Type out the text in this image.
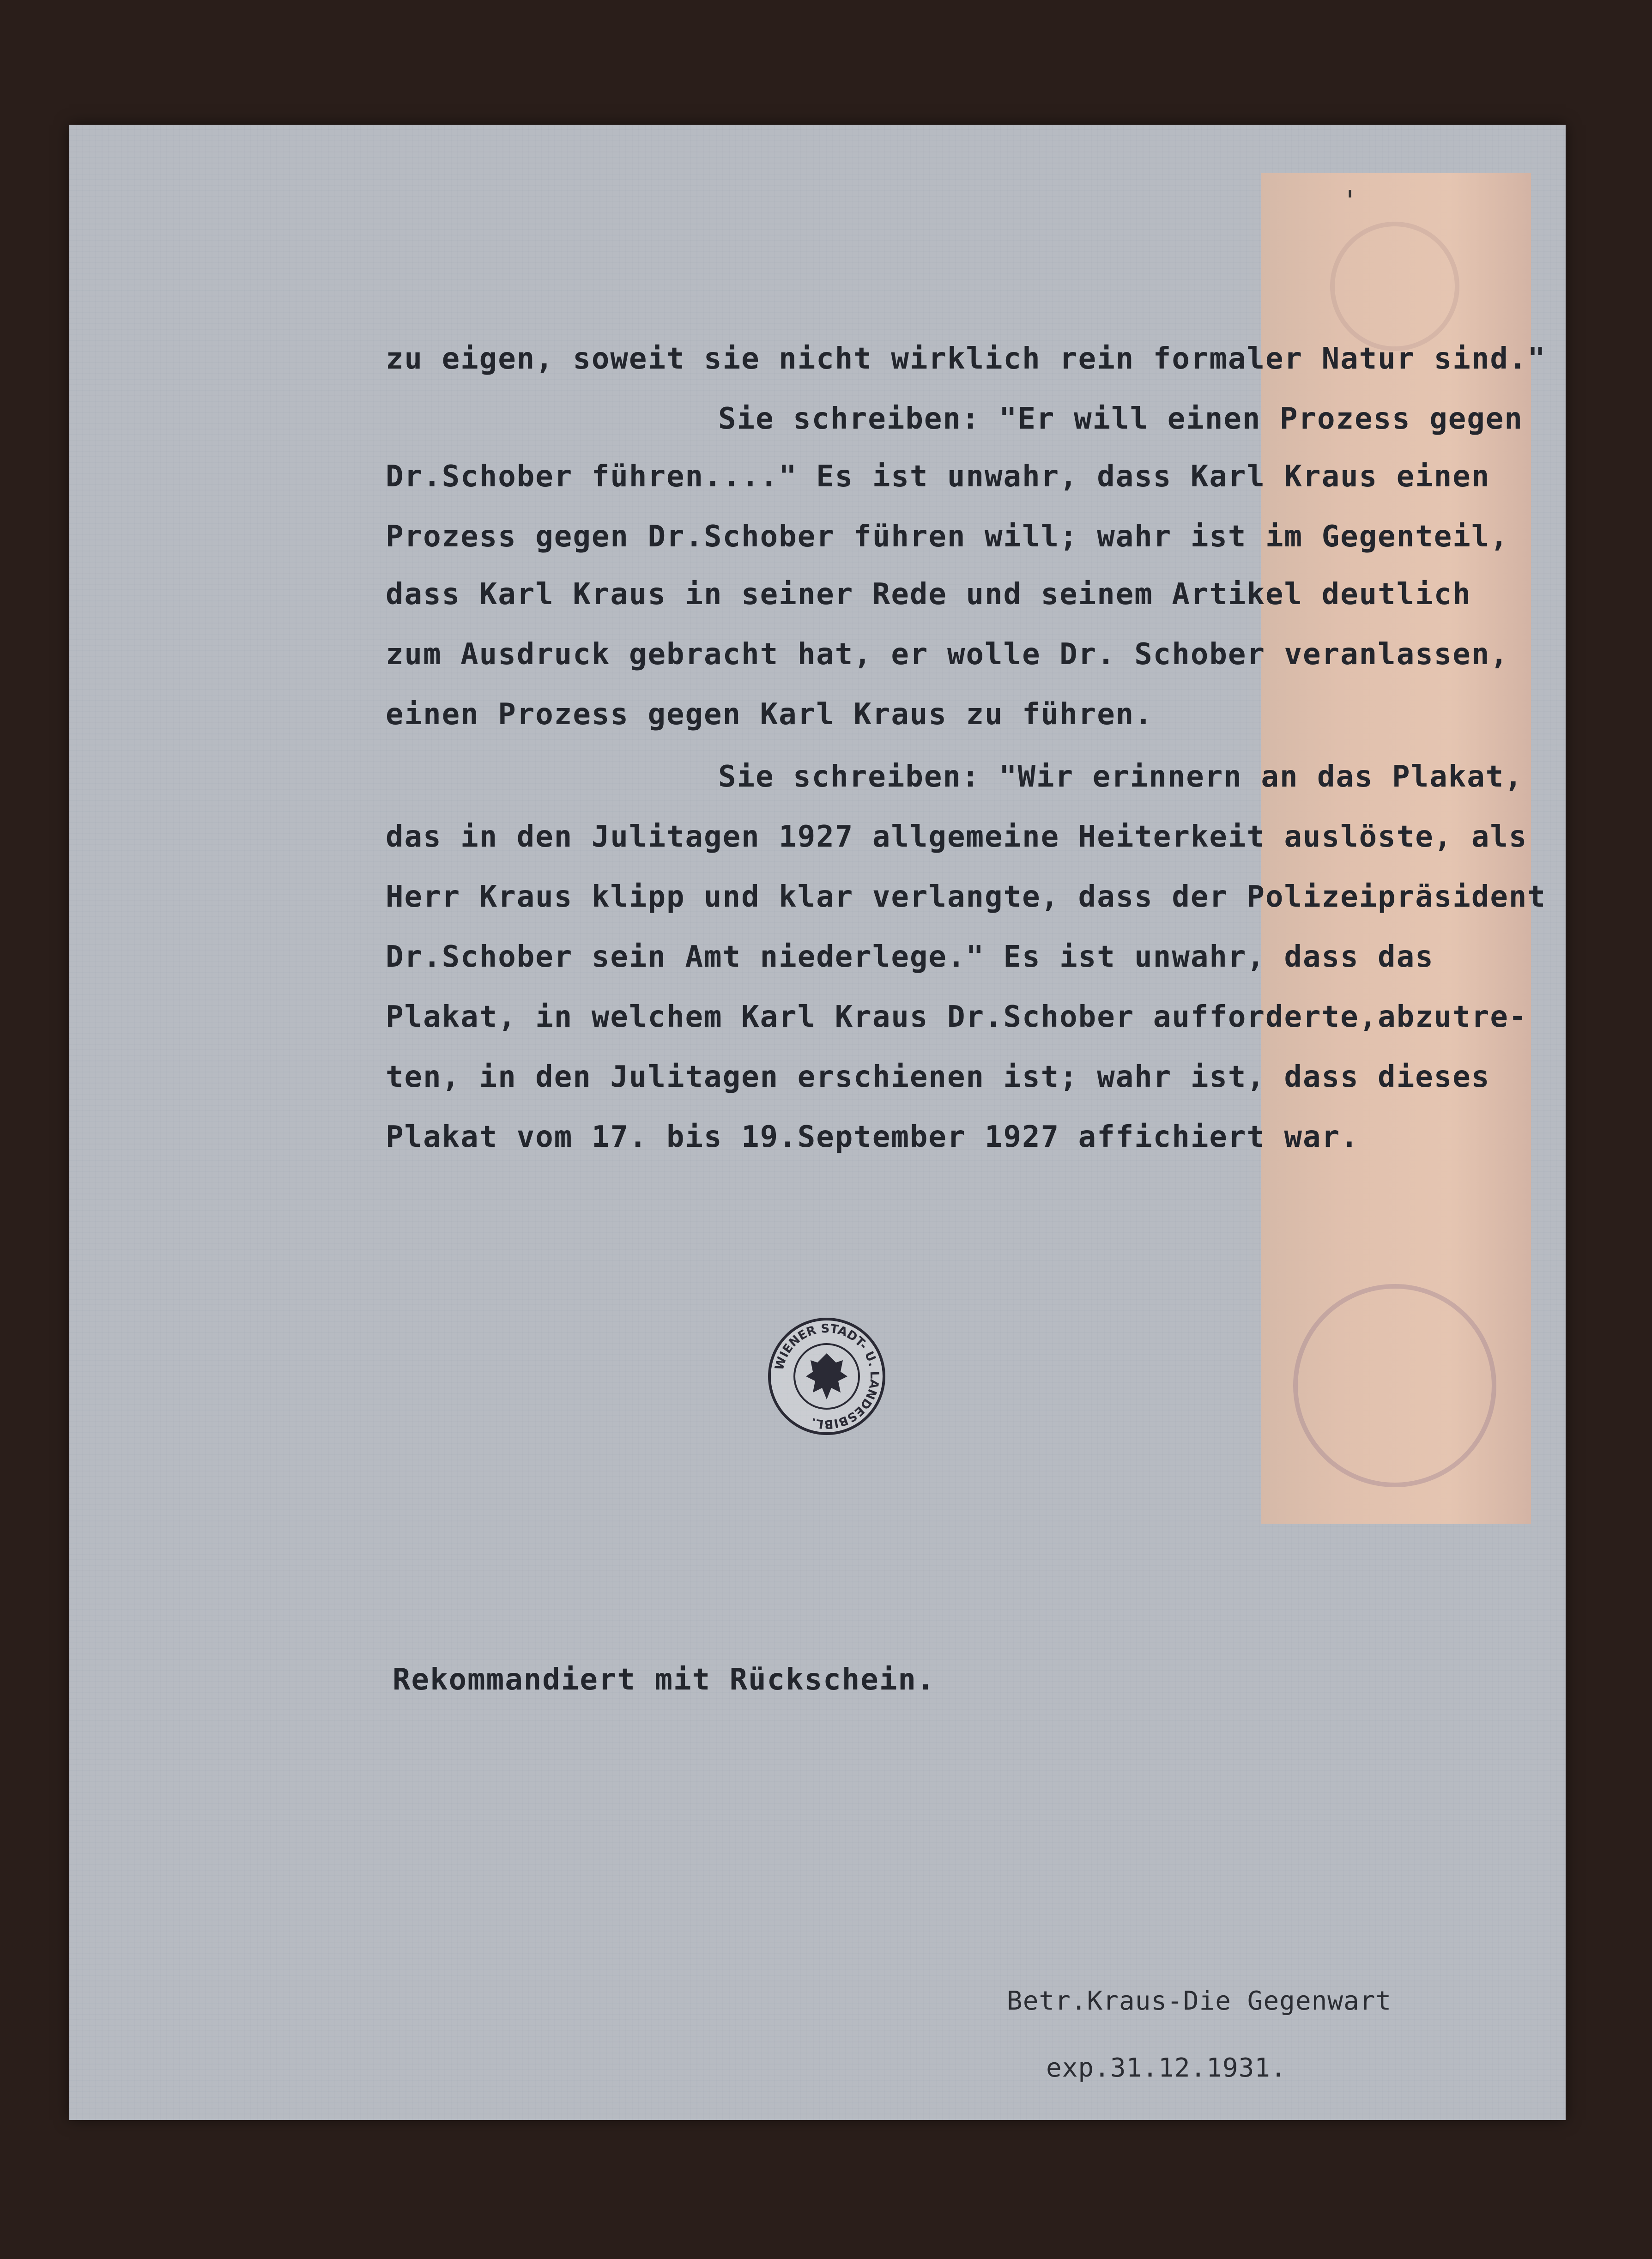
'
zu eigen, soweit sie nicht wirklich rein formaler Natur sind."
Sie schreiben: "Er will einen Prozess gegen
Dr.Schober führen...." Es ist unwahr, dass Karl Kraus einen
Prozess gegen Dr.Schober führen will; wahr ist im Gegenteil,
dass Karl Kraus in seiner Rede und seinem Artikel deutlich
zum Ausdruck gebracht hat, er wolle Dr. Schober veranlassen,
einen Prozess gegen Karl Kraus zu führen.
Sie schreiben: "Wir erinnern an das Plakat,
das in den Julitagen 1927 allgemeine Heiterkeit auslöste, als
Herr Kraus klipp und klar verlangte, dass der Polizeipräsident
Dr.Schober sein Amt niederlege." Es ist unwahr, dass das
Plakat, in welchem Karl Kraus Dr.Schober aufforderte,abzutre-
ten, in den Julitagen erschienen ist; wahr ist, dass dieses
Plakat vom 17. bis 19.September 1927 affichiert war.
WIENER STADT- U. LANDESBIBL.
Rekommandiert mit Rückschein.
Betr.Kraus-Die Gegenwart
exp.31.12.1931.
